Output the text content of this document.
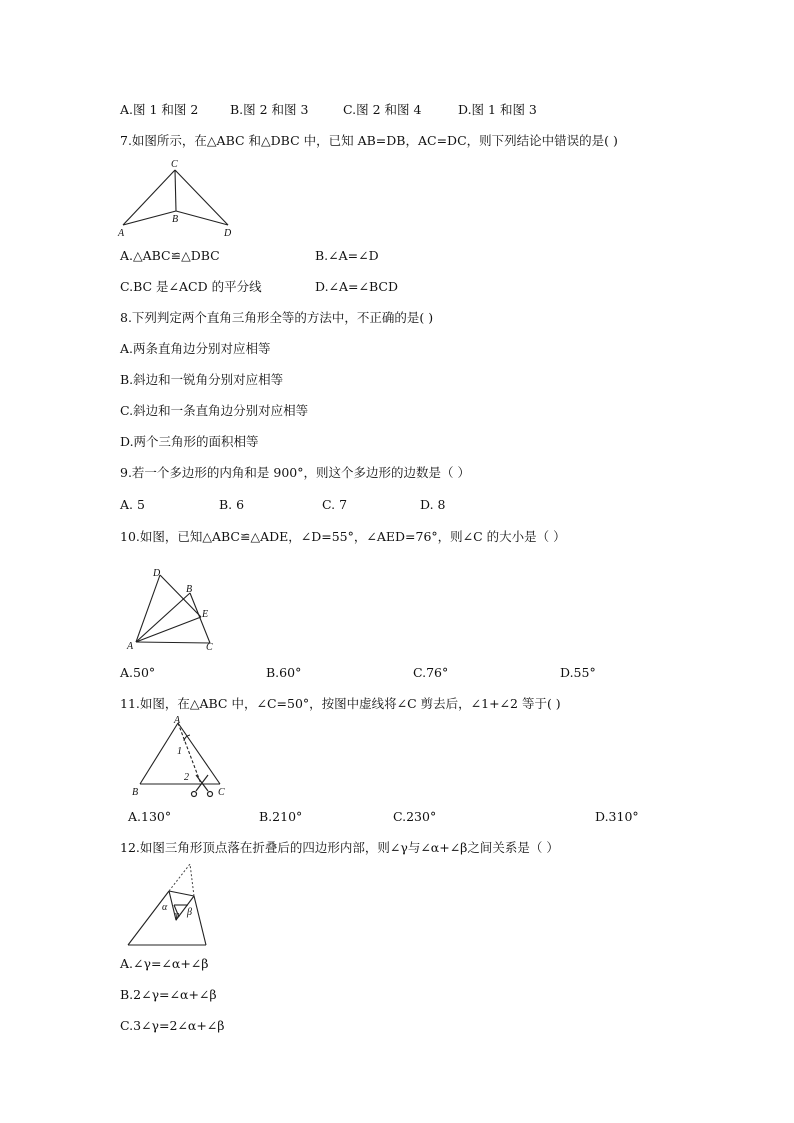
A.图 1 和图 2	B.图 2 和图 3	C.图 2 和图 4	D.图 1 和图 3
7.如图所示，在△ABC 和△DBC 中，已知 AB=DB，AC=DC，则下列结论中错误的是( )
C
B
A	D
A.△ABC≌△DBC	B.∠A=∠D
C.BC 是∠ACD 的平分线	D.∠A=∠BCD
8.下列判定两个直角三角形全等的方法中，不正确的是( )
A.两条直角边分别对应相等
B.斜边和一锐角分别对应相等
C.斜边和一条直角边分别对应相等
D.两个三角形的面积相等
9.若一个多边形的内角和是 900°，则这个多边形的边数是（ ）
A. 5	B. 6	C. 7	D. 8
10.如图，已知△ABC≌△ADE，∠D=55°，∠AED=76°，则∠C 的大小是（ ）
D
B
E
A	C
A.50°	B.60°	C.76°	D.55°
11.如图，在△ABC 中，∠C=50°，按图中虚线将∠C 剪去后，∠1+∠2 等于( )
A
1
2
B	C
A.130°	B.210°	C.230°	D.310°
12.如图三角形顶点落在折叠后的四边形内部，则∠γ与∠α+∠β之间关系是（ ）
α
γ β
A.∠γ=∠α+∠β
B.2∠γ=∠α+∠β
C.3∠γ=2∠α+∠β
